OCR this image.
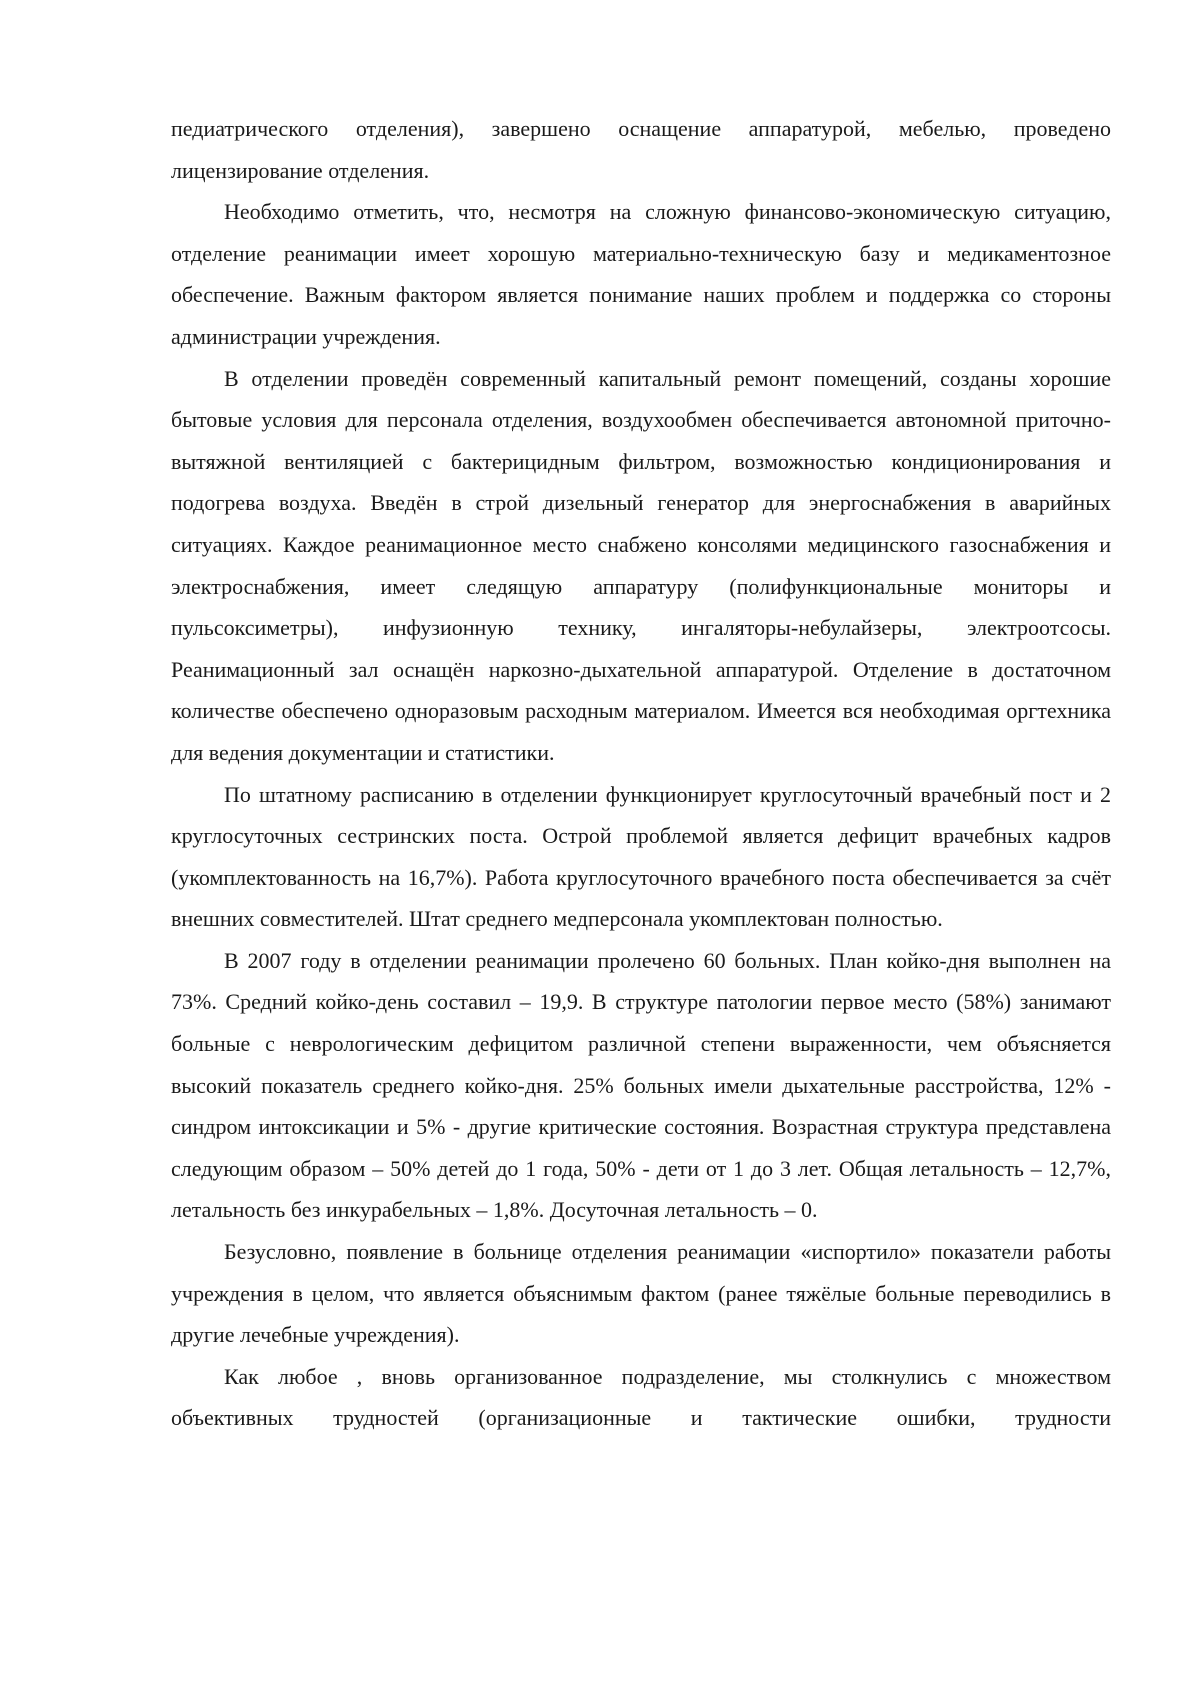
педиатрического отделения), завершено оснащение аппаратурой, мебелью, проведено лицензирование отделения.

Необходимо отметить, что, несмотря на сложную финансово-экономическую ситуацию, отделение реанимации имеет хорошую материально-техническую базу и медикаментозное обеспечение. Важным фактором является понимание наших проблем и поддержка со стороны администрации учреждения.

В отделении проведён современный капитальный ремонт помещений, созданы хорошие бытовые условия для персонала отделения, воздухообмен обеспечивается автономной приточно-вытяжной вентиляцией с бактерицидным фильтром, возможностью кондиционирования и подогрева воздуха. Введён в строй дизельный генератор для энергоснабжения в аварийных ситуациях. Каждое реанимационное место снабжено консолями медицинского газоснабжения и электроснабжения, имеет следящую аппаратуру (полифункциональные мониторы и пульсоксиметры), инфузионную технику, ингаляторы-небулайзеры, электроотсосы. Реанимационный зал оснащён наркозно-дыхательной аппаратурой. Отделение в достаточном количестве обеспечено одноразовым расходным материалом. Имеется вся необходимая оргтехника для ведения документации и статистики.

По штатному расписанию в отделении функционирует круглосуточный врачебный пост и 2 круглосуточных сестринских поста. Острой проблемой является дефицит врачебных кадров (укомплектованность на 16,7%). Работа круглосуточного врачебного поста обеспечивается за счёт внешних совместителей. Штат среднего медперсонала укомплектован полностью.

В 2007 году в отделении реанимации пролечено 60 больных. План койко-дня выполнен на 73%. Средний койко-день составил – 19,9. В структуре патологии первое место (58%) занимают больные с неврологическим дефицитом различной степени выраженности, чем объясняется высокий показатель среднего койко-дня. 25% больных имели дыхательные расстройства, 12% - синдром интоксикации и 5% - другие критические состояния. Возрастная структура представлена следующим образом – 50% детей до 1 года, 50% - дети от 1 до 3 лет. Общая летальность – 12,7%, летальность без инкурабельных – 1,8%. Досуточная летальность – 0.

Безусловно, появление в больнице отделения реанимации «испортило» показатели работы учреждения в целом, что является объяснимым фактом (ранее тяжёлые больные переводились в другие лечебные учреждения).

Как любое , вновь организованное подразделение, мы столкнулись с множеством объективных трудностей (организационные и тактические ошибки, трудности
